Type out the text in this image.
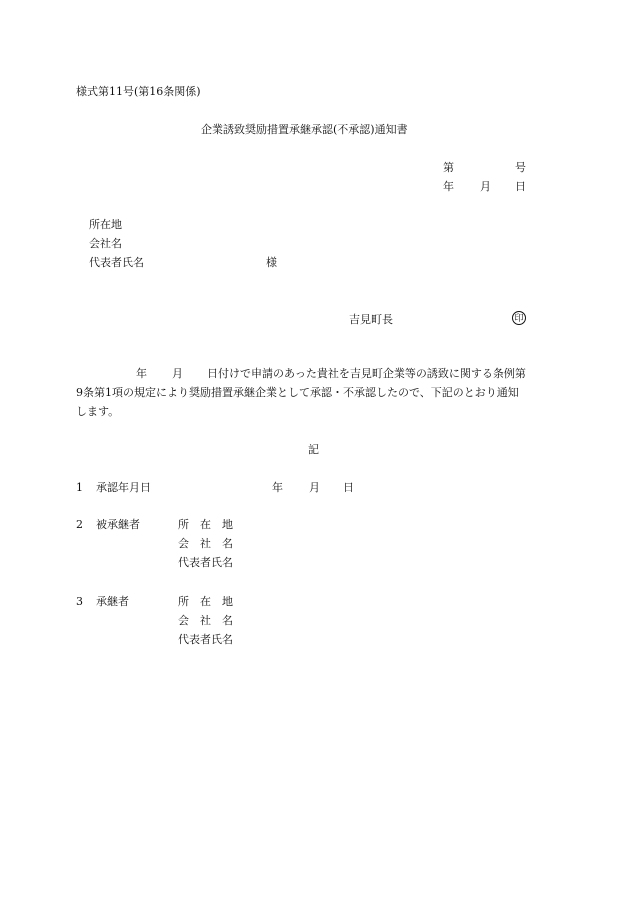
様式第11号(第16条関係)
企業誘致奨励措置承継承認(不承認)通知書
第	号
年 月 日
所在地
会社名
代表者氏名	様
吉見町長	印
年 月 日付けで申請のあった貴社を吉見町企業等の誘致に関する条例第
9条第1項の規定により奨励措置承継企業として承認・不承認したので、下記のとおり通知
します。
記
1 承認年月日	年 月 日
2 被承継者	所　在　地
会　社　名
代表者氏名
3 承継者	所　在　地
会　社　名
代表者氏名
